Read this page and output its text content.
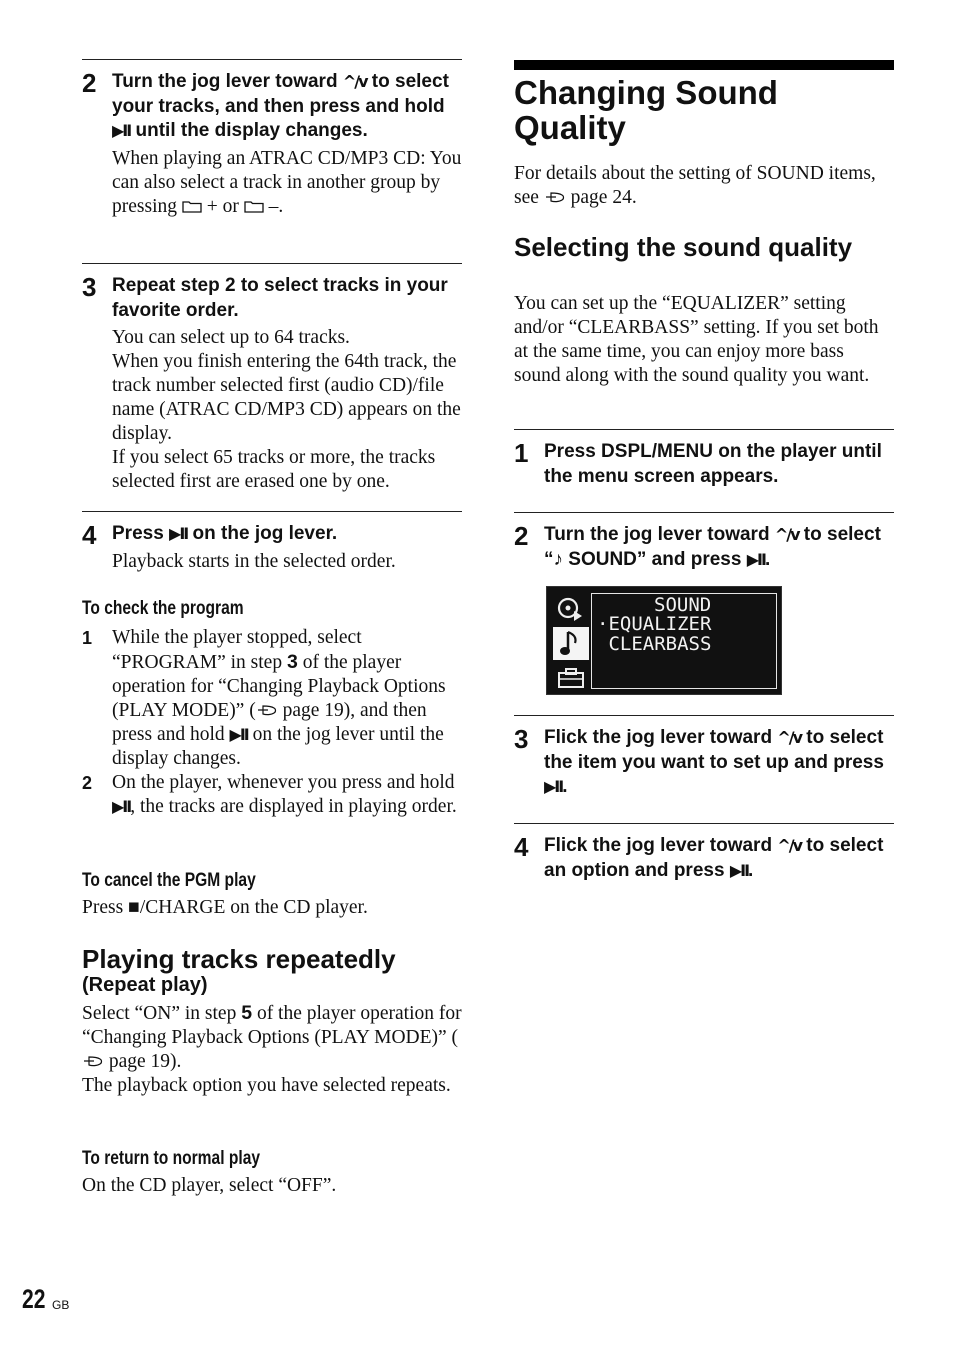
2 Turn the jog lever toward ^/v to select your tracks, and then press and hold ▶II until the display changes.
When playing an ATRAC CD/MP3 CD: You can also select a track in another group by pressing  + or  –.
3 Repeat step 2 to select tracks in your favorite order.
You can select up to 64 tracks.
When you finish entering the 64th track, the track number selected first (audio CD)/file name (ATRAC CD/MP3 CD) appears on the display.
If you select 65 tracks or more, the tracks selected first are erased one by one.
4 Press ▶II on the jog lever.
Playback starts in the selected order.
To check the program
1 While the player stopped, select “PROGRAM” in step 3 of the player operation for “Changing Playback Options (PLAY MODE)” ( page 19), and then press and hold ▶II on the jog lever until the display changes.
2 On the player, whenever you press and hold ▶II, the tracks are displayed in playing order.
To cancel the PGM play
Press ■/CHARGE on the CD player.
Playing tracks repeatedly
(Repeat play)
Select “ON” in step 5 of the player operation for “Changing Playback Options (PLAY MODE)” ( page 19).
The playback option you have selected repeats.
To return to normal play
On the CD player, select “OFF”.
Changing Sound Quality
For details about the setting of SOUND items, see  page 24.
Selecting the sound quality
You can set up the “EQUALIZER” setting and/or “CLEARBASS” setting. If you set both at the same time, you can enjoy more bass sound along with the sound quality you want.
1 Press DSPL/MENU on the player until the menu screen appears.
2 Turn the jog lever toward ^/v to select “♪ SOUND” and press ▶II.
SOUND
·EQUALIZER
CLEARBASS
3 Flick the jog lever toward ^/v to select the item you want to set up and press ▶II.
4 Flick the jog lever toward ^/v to select an option and press ▶II.
22 GB
